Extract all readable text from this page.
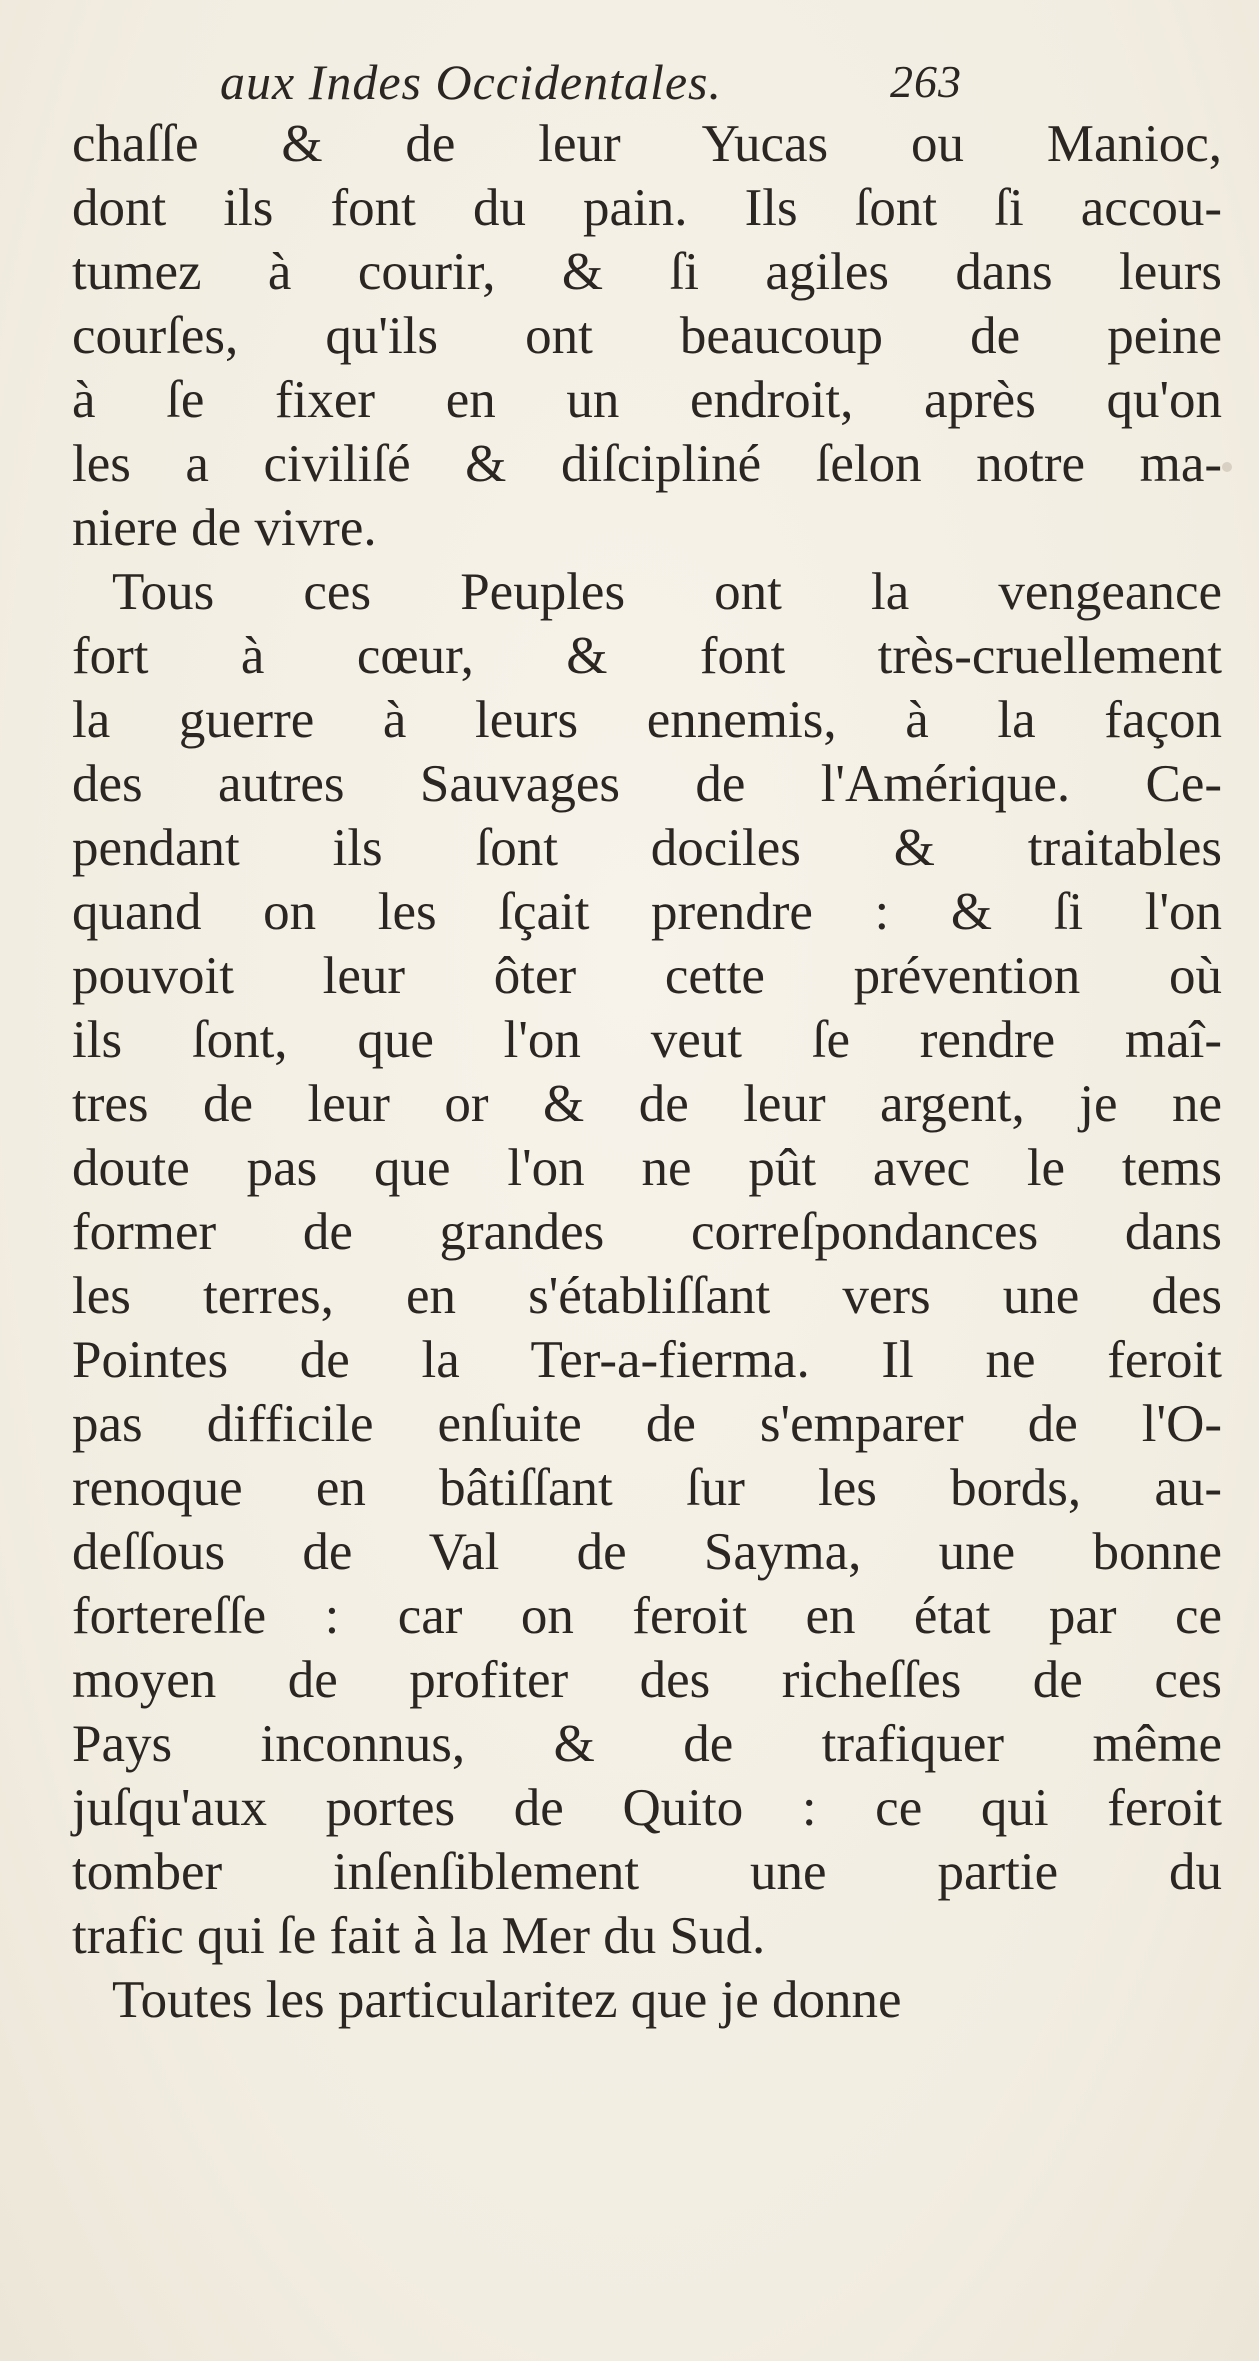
aux Indes Occidentales.	263
chaſſe & de leur Yucas ou Manioc,
dont ils font du pain. Ils ſont ſi accou-
tumez à courir, & ſi agiles dans leurs
courſes, qu'ils ont beaucoup de peine
à ſe fixer en un endroit, après qu'on
les a civiliſé & diſcipliné ſelon notre ma-
niere de vivre.
Tous ces Peuples ont la vengeance
fort à cœur, & font très-cruellement
la guerre à leurs ennemis, à la façon
des autres Sauvages de l'Amérique. Ce-
pendant ils ſont dociles & traitables
quand on les ſçait prendre : & ſi l'on
pouvoit leur ôter cette prévention où
ils ſont, que l'on veut ſe rendre maî-
tres de leur or & de leur argent, je ne
doute pas que l'on ne pût avec le tems
former de grandes correſpondances dans
les terres, en s'établiſſant vers une des
Pointes de la Ter-a-fierma. Il ne feroit
pas difficile enſuite de s'emparer de l'O-
renoque en bâtiſſant ſur les bords, au-
deſſous de Val de Sayma, une bonne
fortereſſe : car on feroit en état par ce
moyen de profiter des richeſſes de ces
Pays inconnus, & de trafiquer même
juſqu'aux portes de Quito : ce qui feroit
tomber inſenſiblement une partie du
trafic qui ſe fait à la Mer du Sud.
Toutes les particularitez que je donne
